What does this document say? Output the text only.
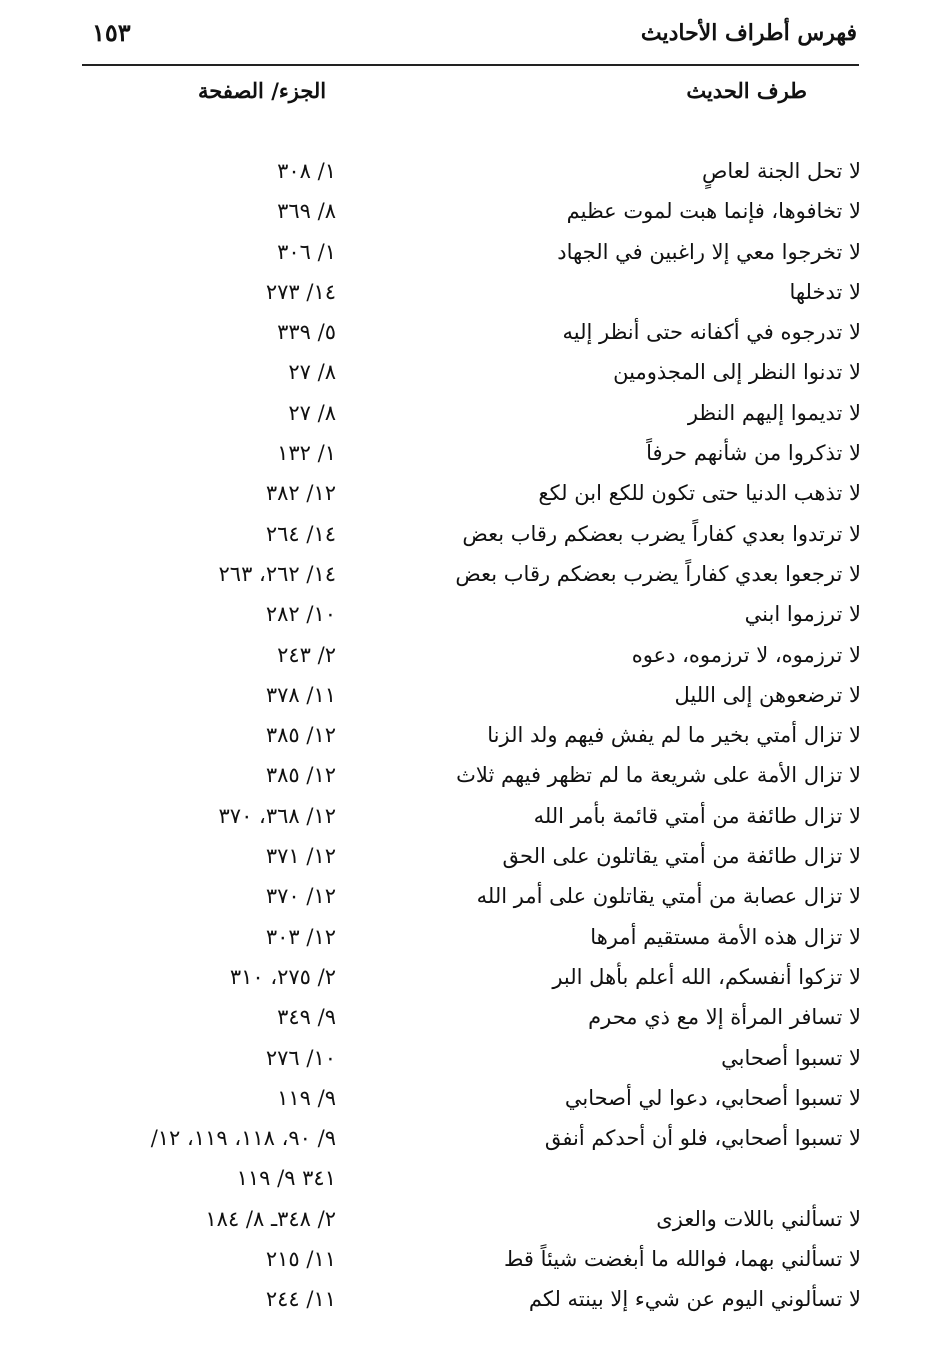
فهرس أطراف الأحاديث
١٥٣
طرف الحديث
الجزء/ الصفحة
لا تحل الجنة لعاصٍ
١/ ٣٠٨
لا تخافوها، فإنما هبت لموت عظيم
٨/ ٣٦٩
لا تخرجوا معي إلا راغبين في الجهاد
١/ ٣٠٦
لا تدخلها
١٤/ ٢٧٣
لا تدرجوه في أكفانه حتى أنظر إليه
٥/ ٣٣٩
لا تدنوا النظر إلى المجذومين
٨/ ٢٧
لا تديموا إليهم النظر
٨/ ٢٧
لا تذكروا من شأنهم حرفاً
١/ ١٣٢
لا تذهب الدنيا حتى تكون للكع ابن لكع
١٢/ ٣٨٢
لا ترتدوا بعدي كفاراً يضرب بعضكم رقاب بعض
١٤/ ٢٦٤
لا ترجعوا بعدي كفاراً يضرب بعضكم رقاب بعض
١٤/ ٢٦٢، ٢٦٣
لا ترزموا ابني
١٠/ ٢٨٢
لا ترزموه، لا ترزموه، دعوه
٢/ ٢٤٣
لا ترضعوهن إلى الليل
١١/ ٣٧٨
لا تزال أمتي بخير ما لم يفش فيهم ولد الزنا
١٢/ ٣٨٥
لا تزال الأمة على شريعة ما لم تظهر فيهم ثلاث
١٢/ ٣٨٥
لا تزال طائفة من أمتي قائمة بأمر الله
١٢/ ٣٦٨، ٣٧٠
لا تزال طائفة من أمتي يقاتلون على الحق
١٢/ ٣٧١
لا تزال عصابة من أمتي يقاتلون على أمر الله
١٢/ ٣٧٠
لا تزال هذه الأمة مستقيم أمرها
١٢/ ٣٠٣
لا تزكوا أنفسكم، الله أعلم بأهل البر
٢/ ٢٧٥، ٣١٠
لا تسافر المرأة إلا مع ذي محرم
٩/ ٣٤٩
لا تسبوا أصحابي
١٠/ ٢٧٦
لا تسبوا أصحابي، دعوا لي أصحابي
٩/ ١١٩
لا تسبوا أصحابي، فلو أن أحدكم أنفق
٩/ ٩٠، ١١٨، ١١٩، ١٢/
٣٤١ ٩/ ١١٩
لا تسألني باللات والعزى
٢/ ٣٤٨ـ ٨/ ١٨٤
لا تسألني بهما، فوالله ما أبغضت شيئاً قط
١١/ ٢١٥
لا تسألوني اليوم عن شيء إلا بينته لكم
١١/ ٢٤٤
